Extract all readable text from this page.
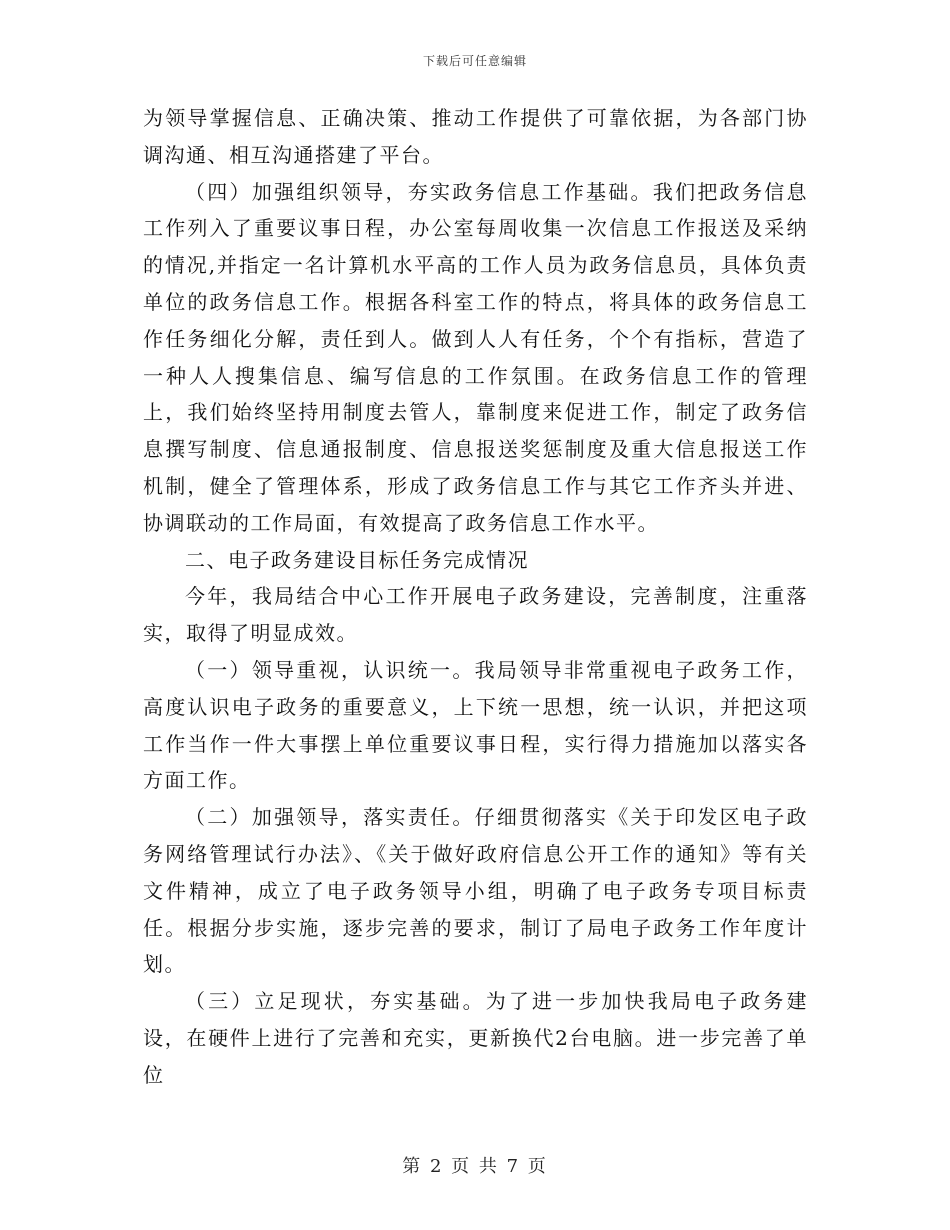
下载后可任意编辑

为领导掌握信息、正确决策、推动工作提供了可靠依据，为各部门协调沟通、相互沟通搭建了平台。

（四）加强组织领导，夯实政务信息工作基础。我们把政务信息工作列入了重要议事日程，办公室每周收集一次信息工作报送及采纳的情况,并指定一名计算机水平高的工作人员为政务信息员，具体负责单位的政务信息工作。根据各科室工作的特点，将具体的政务信息工作任务细化分解，责任到人。做到人人有任务，个个有指标，营造了一种人人搜集信息、编写信息的工作氛围。在政务信息工作的管理上，我们始终坚持用制度去管人，靠制度来促进工作，制定了政务信息撰写制度、信息通报制度、信息报送奖惩制度及重大信息报送工作机制，健全了管理体系，形成了政务信息工作与其它工作齐头并进、协调联动的工作局面，有效提高了政务信息工作水平。

二、电子政务建设目标任务完成情况

今年，我局结合中心工作开展电子政务建设，完善制度，注重落实，取得了明显成效。

（一）领导重视，认识统一。我局领导非常重视电子政务工作，高度认识电子政务的重要意义，上下统一思想，统一认识，并把这项工作当作一件大事摆上单位重要议事日程，实行得力措施加以落实各方面工作。

（二）加强领导，落实责任。仔细贯彻落实《关于印发区电子政务网络管理试行办法》、《关于做好政府信息公开工作的通知》等有关文件精神，成立了电子政务领导小组，明确了电子政务专项目标责任。根据分步实施，逐步完善的要求，制订了局电子政务工作年度计划。

（三）立足现状，夯实基础。为了进一步加快我局电子政务建设，在硬件上进行了完善和充实，更新换代2台电脑。进一步完善了单位

第 2 页 共 7 页
